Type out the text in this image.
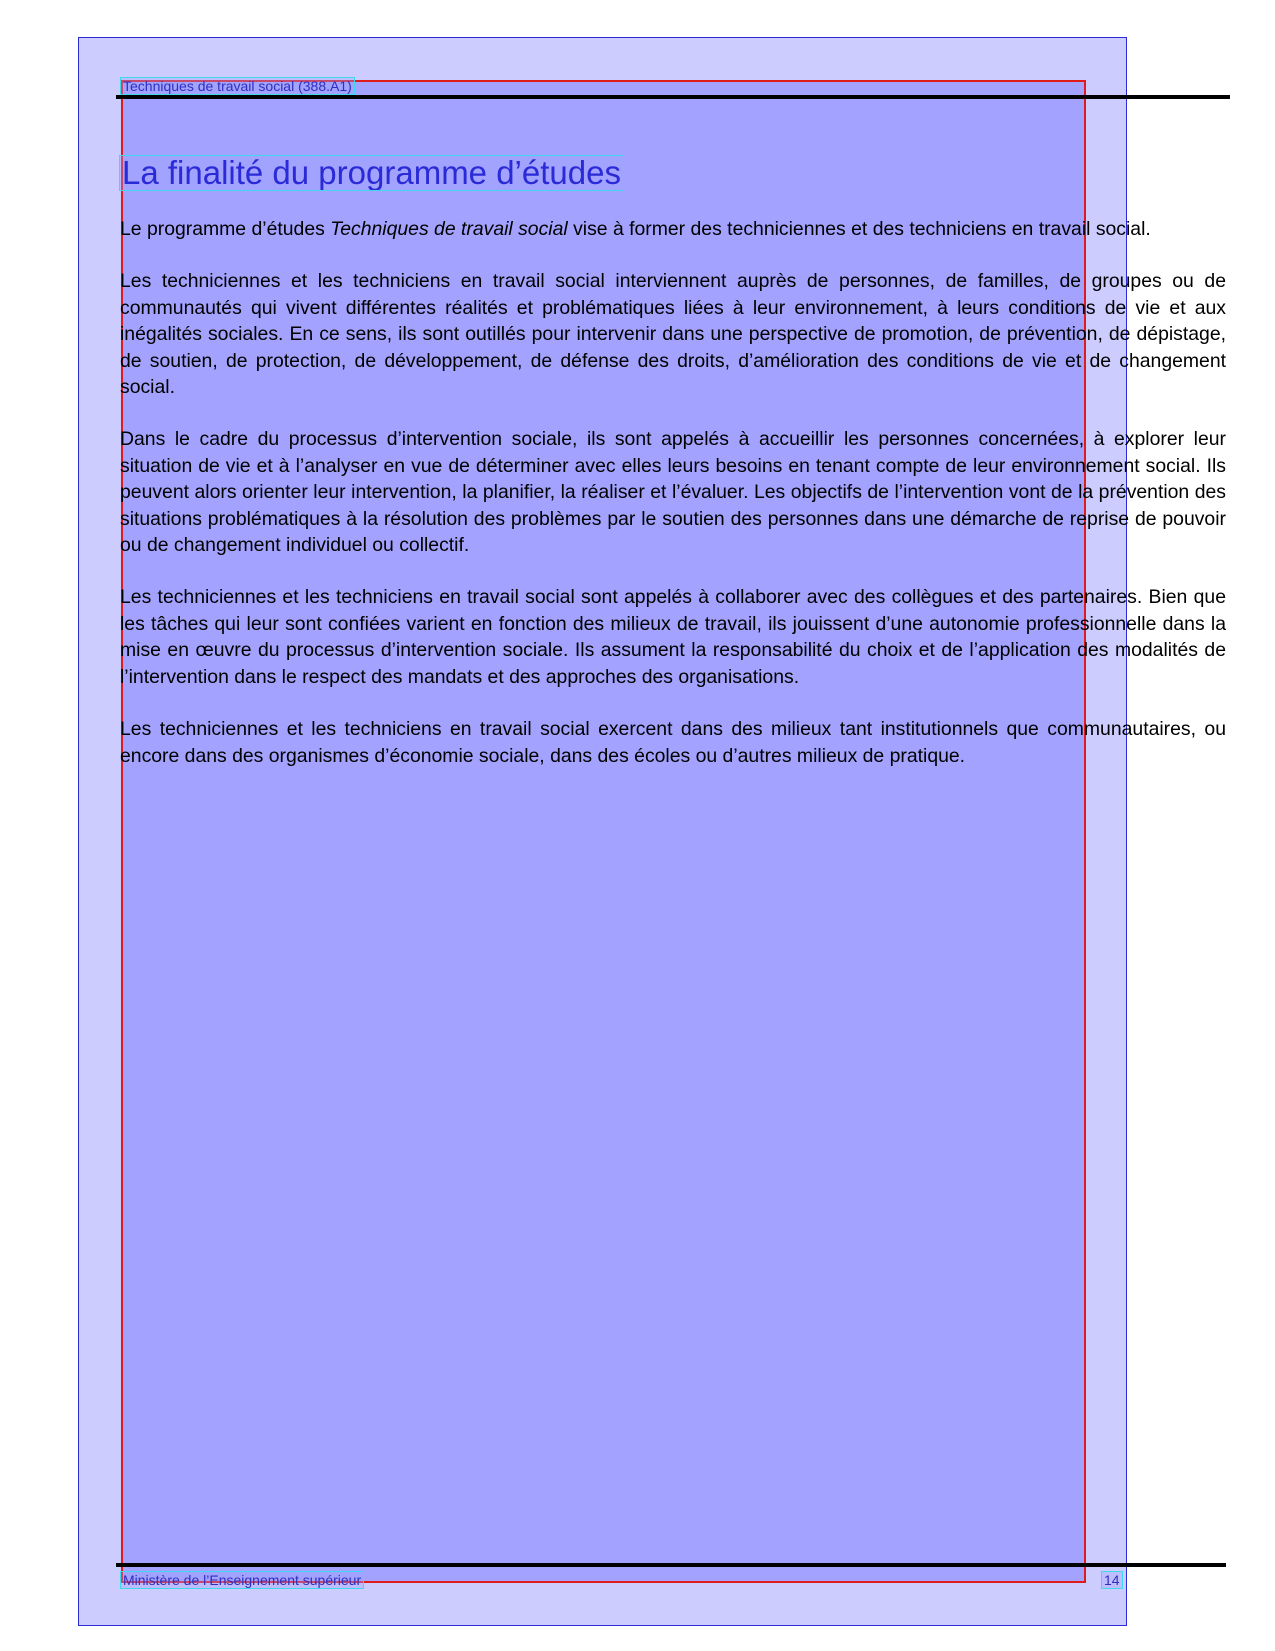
Techniques de travail social (388.A1)
La finalité du programme d’études

Le programme d’études Techniques de travail social vise à former des techniciennes et des techniciens en travail social.

Les techniciennes et les techniciens en travail social interviennent auprès de personnes, de familles, de groupes ou de communautés qui vivent différentes réalités et problématiques liées à leur environnement, à leurs conditions de vie et aux inégalités sociales. En ce sens, ils sont outillés pour intervenir dans une perspective de promotion, de prévention, de dépistage, de soutien, de protection, de développement, de défense des droits, d’amélioration des conditions de vie et de changement social.

Dans le cadre du processus d’intervention sociale, ils sont appelés à accueillir les personnes concernées, à explorer leur situation de vie et à l’analyser en vue de déterminer avec elles leurs besoins en tenant compte de leur environnement social. Ils peuvent alors orienter leur intervention, la planifier, la réaliser et l’évaluer. Les objectifs de l’intervention vont de la prévention des situations problématiques à la résolution des problèmes par le soutien des personnes dans une démarche de reprise de pouvoir ou de changement individuel ou collectif.

Les techniciennes et les techniciens en travail social sont appelés à collaborer avec des collègues et des partenaires. Bien que les tâches qui leur sont confiées varient en fonction des milieux de travail, ils jouissent d’une autonomie professionnelle dans la mise en œuvre du processus d’intervention sociale. Ils assument la responsabilité du choix et de l’application des modalités de l’intervention dans le respect des mandats et des approches des organisations.

Les techniciennes et les techniciens en travail social exercent dans des milieux tant institutionnels que communautaires, ou encore dans des organismes d’économie sociale, dans des écoles ou d’autres milieux de pratique.

Ministère de l’Enseignement supérieur	14
